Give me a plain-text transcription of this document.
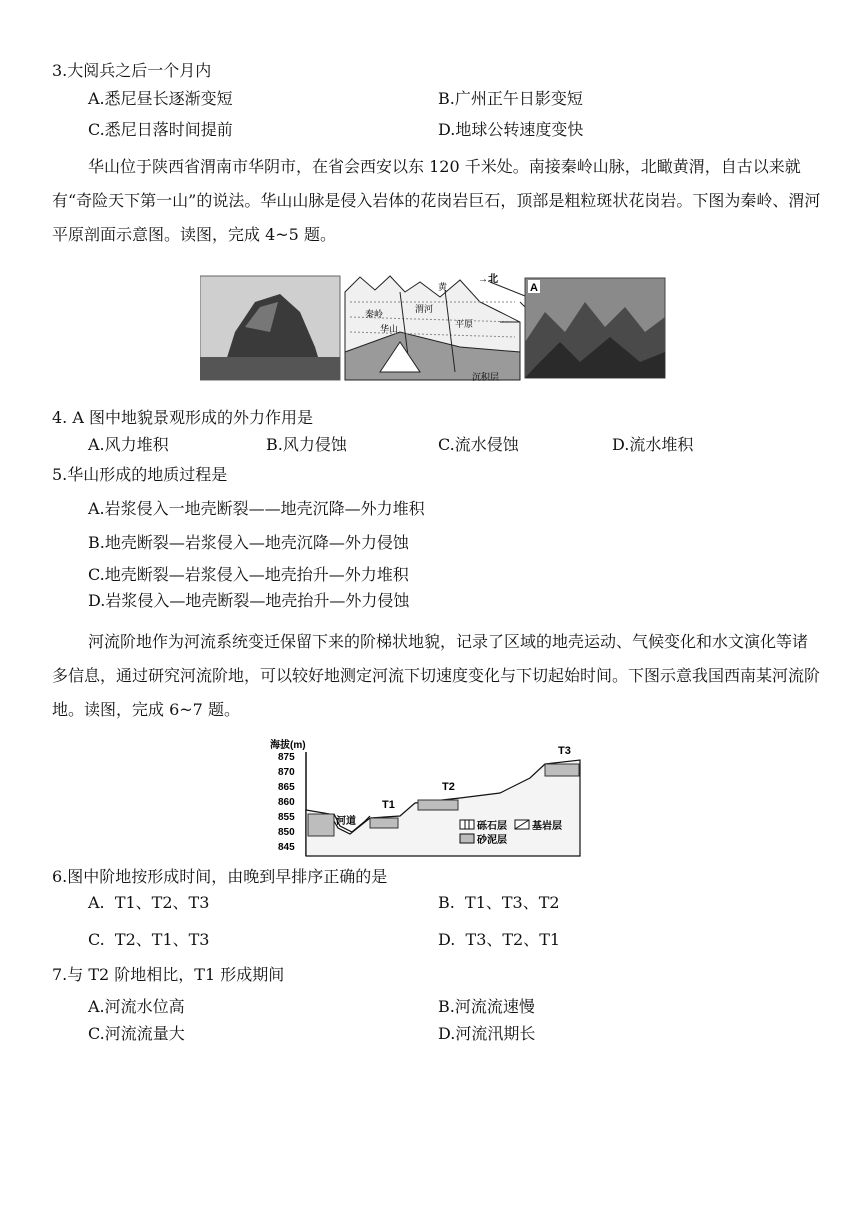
3.大阅兵之后一个月内
A.悉尼昼长逐渐变短	B.广州正午日影变短
C.悉尼日落时间提前	D.地球公转速度变快
华山位于陕西省渭南市华阴市，在省会西安以东 120 千米处。南接秦岭山脉，北瞰黄渭，自古以来就有“奇险天下第一山”的说法。华山山脉是侵入岩体的花岗岩巨石，顶部是粗粒斑状花岗岩。下图为秦岭、渭河平原剖面示意图。读图，完成 4~5 题。
秦岭	渭河
平原
黄
华山
→北
沉积层
A
4. A 图中地貌景观形成的外力作用是
A.风力堆积	B.风力侵蚀	C.流水侵蚀	D.流水堆积
5.华山形成的地质过程是
A.岩浆侵入一地壳断裂——地壳沉降—外力堆积
B.地壳断裂—岩浆侵入—地壳沉降—外力侵蚀
C.地壳断裂—岩浆侵入—地壳抬升—外力堆积
D.岩浆侵入—地壳断裂—地壳抬升—外力侵蚀
河流阶地作为河流系统变迁保留下来的阶梯状地貌，记录了区域的地壳运动、气候变化和水文演化等诸多信息，通过研究河流阶地，可以较好地测定河流下切速度变化与下切起始时间。下图示意我国西南某河流阶地。读图，完成 6~7 题。
海拔(m)
875
870
865
860
855
850
845
河道
T1
T2
T3
砾石层	基岩层
砂泥层
6.图中阶地按形成时间，由晚到早排序正确的是
A.  T1、T2、T3	B.  T1、T3、T2
C.  T2、T1、T3	D.  T3、T2、T1
7.与 T2 阶地相比，T1 形成期间
A.河流水位高	B.河流流速慢
C.河流流量大	D.河流汛期长
